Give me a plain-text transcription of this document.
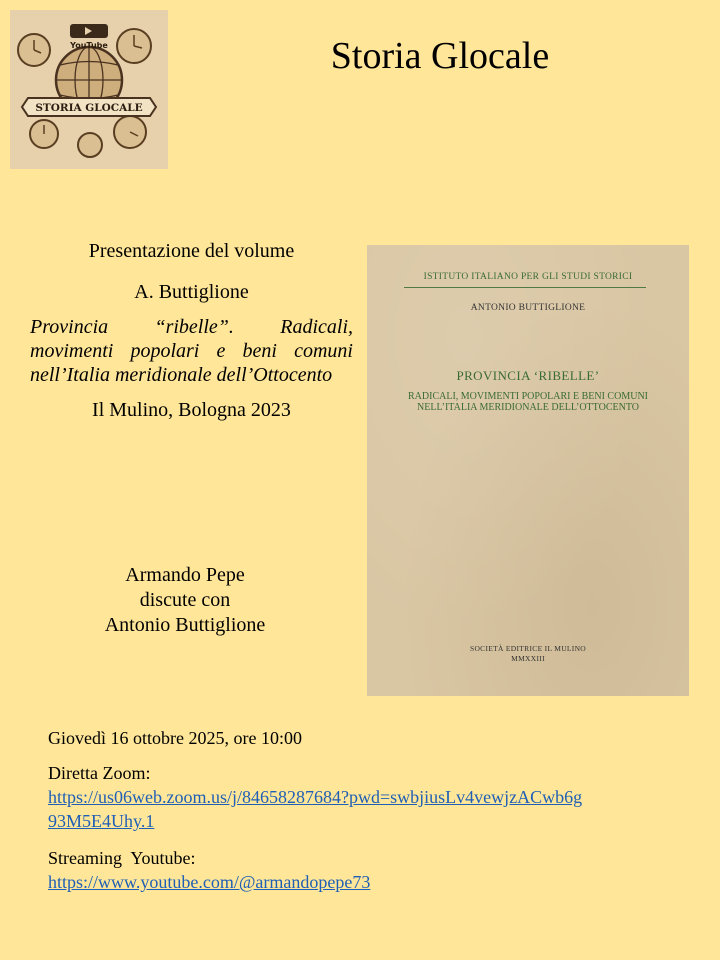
YouTube
STORIA GLOCALE
Storia Glocale
Presentazione del volume
A. Buttiglione
Provincia “ribelle”. Radicali, movimenti popolari e beni comuni nell’Italia meridionale dell’Ottocento
Il Mulino, Bologna 2023
Armando Pepe
discute con
Antonio Buttiglione
ISTITUTO ITALIANO PER GLI STUDI STORICI
ANTONIO BUTTIGLIONE
PROVINCIA ‘RIBELLE’
RADICALI, MOVIMENTI POPOLARI E BENI COMUNI
NELL’ITALIA MERIDIONALE DELL’OTTOCENTO
SOCIETÀ EDITRICE IL MULINO
MMXXIII
Giovedì 16 ottobre 2025, ore 10:00
Diretta Zoom:
https://us06web.zoom.us/j/84658287684?pwd=swbjiusLv4vewjzACwb6g
93M5E4Uhy.1
Streaming  Youtube:
https://www.youtube.com/@armandopepe73
